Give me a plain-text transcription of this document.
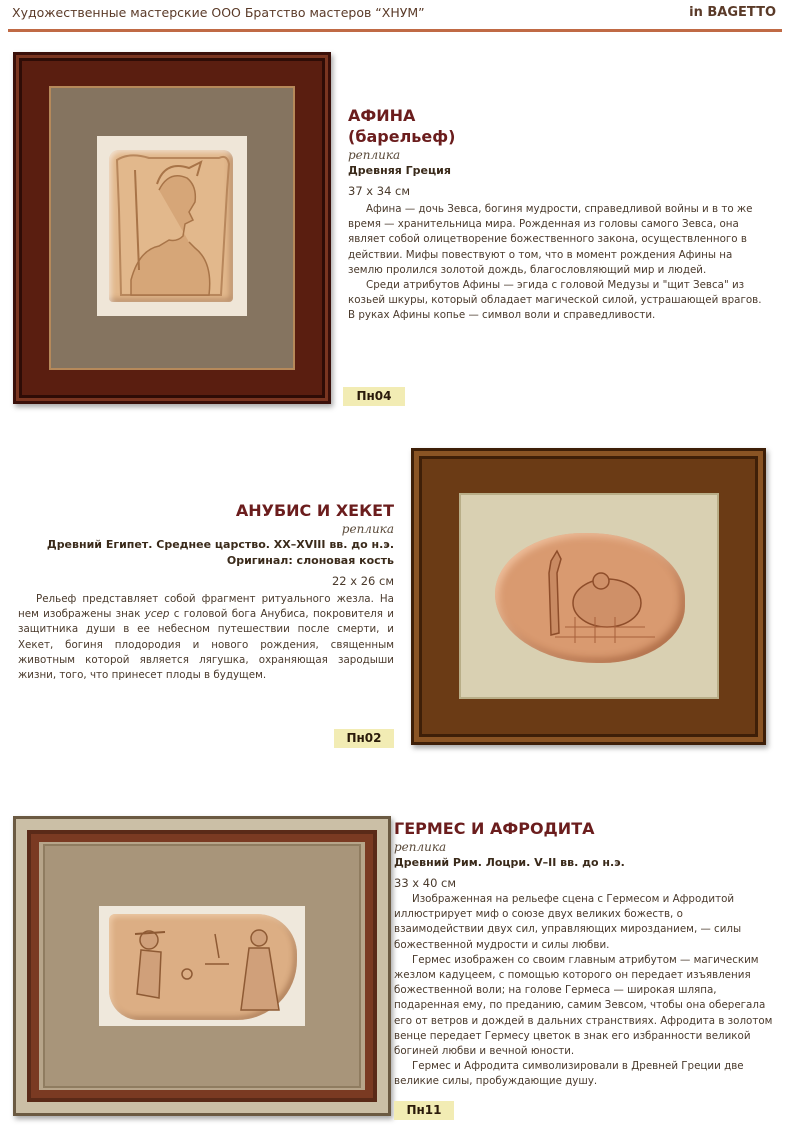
Художественные мастерские ООО Братство мастеров “ХНУМ”	in BAGETTO
АФИНА
(барельеф)
реплика
Древняя Греция
37 х 34 см

Афина — дочь Зевса, богиня мудрости, справедливой войны и в то же время — хранительница мира. Рожденная из головы самого Зевса, она являет собой олицетворение божественного закона, осуществленного в действии. Мифы повествуют о том, что в момент рождения Афины на землю пролился золотой дождь, благословляющий мир и людей.

Среди атрибутов Афины — эгида с головой Медузы и "щит Зевса" из козьей шкуры, который обладает магической силой, устрашающей врагов. В руках Афины копье — символ воли и справедливости.

Пн04
АНУБИС И ХЕКЕТ
реплика
Древний Египет. Среднее царство. XX–XVIII вв. до н.э.
Оригинал: слоновая кость
22 х 26 см

Рельеф представляет собой фрагмент ритуального жезла. На нем изображены знак усер с головой бога Анубиса, покровителя и защитника души в ее небесном путешествии после смерти, и Хекет, богиня плодородия и нового рождения, священным животным которой является лягушка, охраняющая зародыши жизни, того, что принесет плоды в будущем.

Пн02
ГЕРМЕС И АФРОДИТА
реплика
Древний Рим. Лоцри. V–II вв. до н.э.
33 х 40 см

Изображенная на рельефе сцена с Гермесом и Афродитой иллюстрирует миф о союзе двух великих божеств, о взаимодействии двух сил, управляющих мирозданием, — силы божественной мудрости и силы любви.

Гермес изображен со своим главным атрибутом — магическим жезлом кадуцеем, с помощью которого он передает изъявления божественной воли; на голове Гермеса — широкая шляпа, подаренная ему, по преданию, самим Зевсом, чтобы она оберегала его от ветров и дождей в дальних странствиях. Афродита в золотом венце передает Гермесу цветок в знак его избранности великой богиней любви и вечной юности.

Гермес и Афродита символизировали в Древней Греции две великие силы, пробуждающие душу.

Пн11
